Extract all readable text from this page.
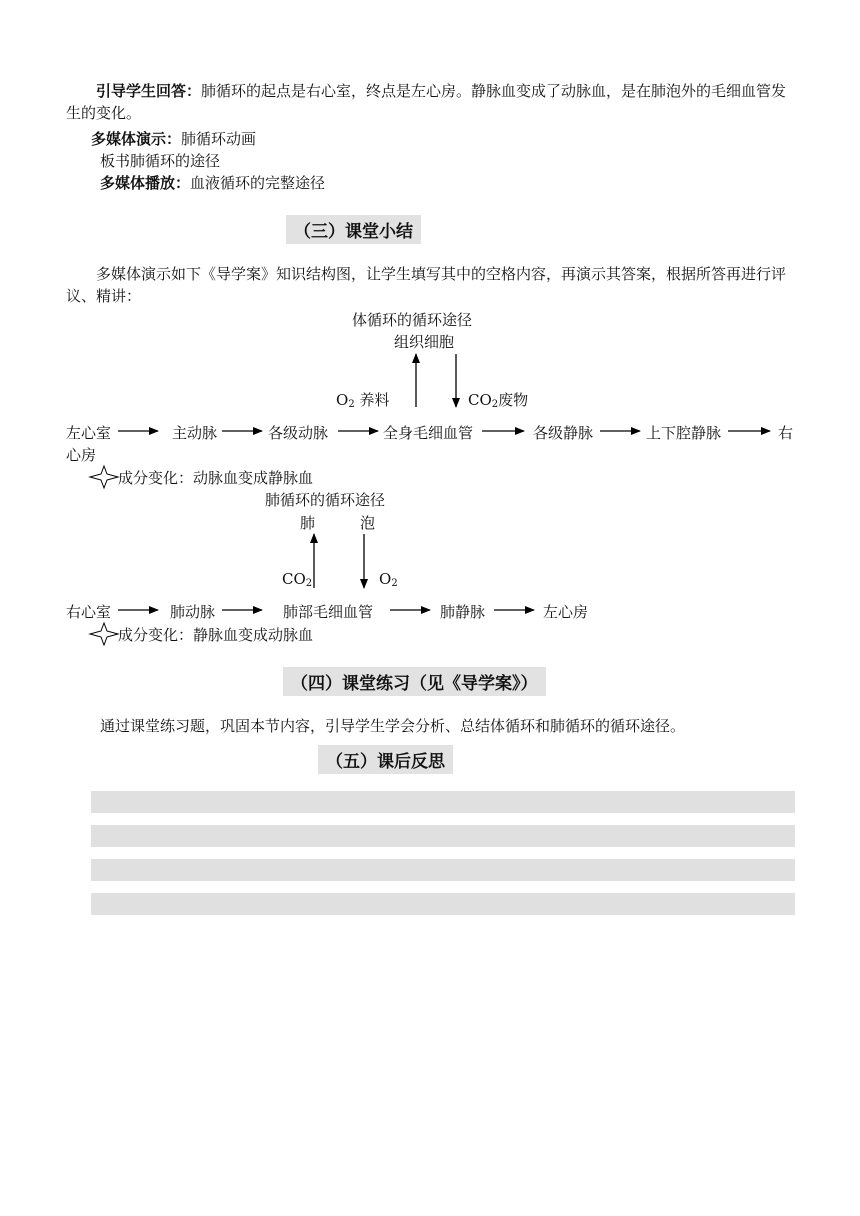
引导学生回答：肺循环的起点是右心室，终点是左心房。静脉血变成了动脉血，是在肺泡外的毛细血管发生的变化。
多媒体演示：肺循环动画
板书肺循环的途径
多媒体播放：血液循环的完整途径
（三）课堂小结
多媒体演示如下《导学案》知识结构图，让学生填写其中的空格内容，再演示其答案，根据所答再进行评议、精讲：
体循环的循环途径
组织细胞
$O_2$ 养料	$CO_2$废物
左心室	主动脉	各级动脉	全身毛细血管	各级静脉	上下腔静脉	右
心房
成分变化：动脉血变成静脉血
肺循环的循环途径
肺	泡
$CO_2$	$O_2$
右心室	肺动脉	肺部毛细血管	肺静脉	左心房
成分变化：静脉血变成动脉血
（四）课堂练习（见《导学案》）
通过课堂练习题，巩固本节内容，引导学生学会分析、总结体循环和肺循环的循环途径。
（五）课后反思
